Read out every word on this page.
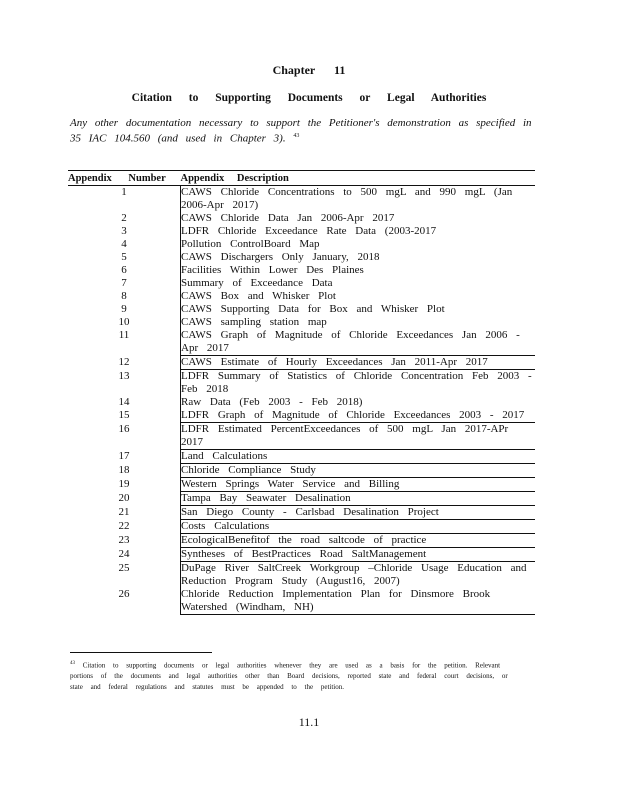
Chapter 11
Citation to Supporting Documents or Legal Authorities
Any other documentation necessary to support the Petitioner's demonstration as specified in 35 IAC 104.560 (and used in Chapter 3). $^{43}$
Appendix Number	Appendix Description
1	CAWS Chloride Concentrations to 500 mgL and 990 mgL (Jan 2006-Apr 2017)
2	CAWS Chloride Data Jan 2006-Apr 2017
3	LDFR Chloride Exceedance Rate Data (2003-2017
4	Pollution ControlBoard Map
5	CAWS Dischargers Only January, 2018
6	Facilities Within Lower Des Plaines
7	Summary of Exceedance Data
8	CAWS Box and Whisker Plot
9	CAWS Supporting Data for Box and Whisker Plot
10	CAWS sampling station map
11	CAWS Graph of Magnitude of Chloride Exceedances Jan 2006 - Apr 2017
12	CAWS Estimate of Hourly Exceedances Jan 2011-Apr 2017
13	LDFR Summary of Statistics of Chloride Concentration Feb 2003 - Feb 2018
14	Raw Data (Feb 2003 - Feb 2018)
15	LDFR Graph of Magnitude of Chloride Exceedances 2003 - 2017
16	LDFR Estimated PercentExceedances of 500 mgL Jan 2017-APr 2017
17	Land Calculations
18	Chloride Compliance Study
19	Western Springs Water Service and Billing
20	Tampa Bay Seawater Desalination
21	San Diego County - Carlsbad Desalination Project
22	Costs Calculations
23	EcologicalBenefitof the road saltcode of practice
24	Syntheses of BestPractices Road SaltManagement
25	DuPage River SaltCreek Workgroup –Chloride Usage Education and Reduction Program Study (August16, 2007)
26	Chloride Reduction Implementation Plan for Dinsmore Brook Watershed (Windham, NH)
$^{43}$ Citation to supporting documents or legal authorities whenever they are used as a basis for the petition. Relevant portions of the documents and legal authorities other than Board decisions, reported state and federal court decisions, or state and federal regulations and statutes must be appended to the petition.
11.1
